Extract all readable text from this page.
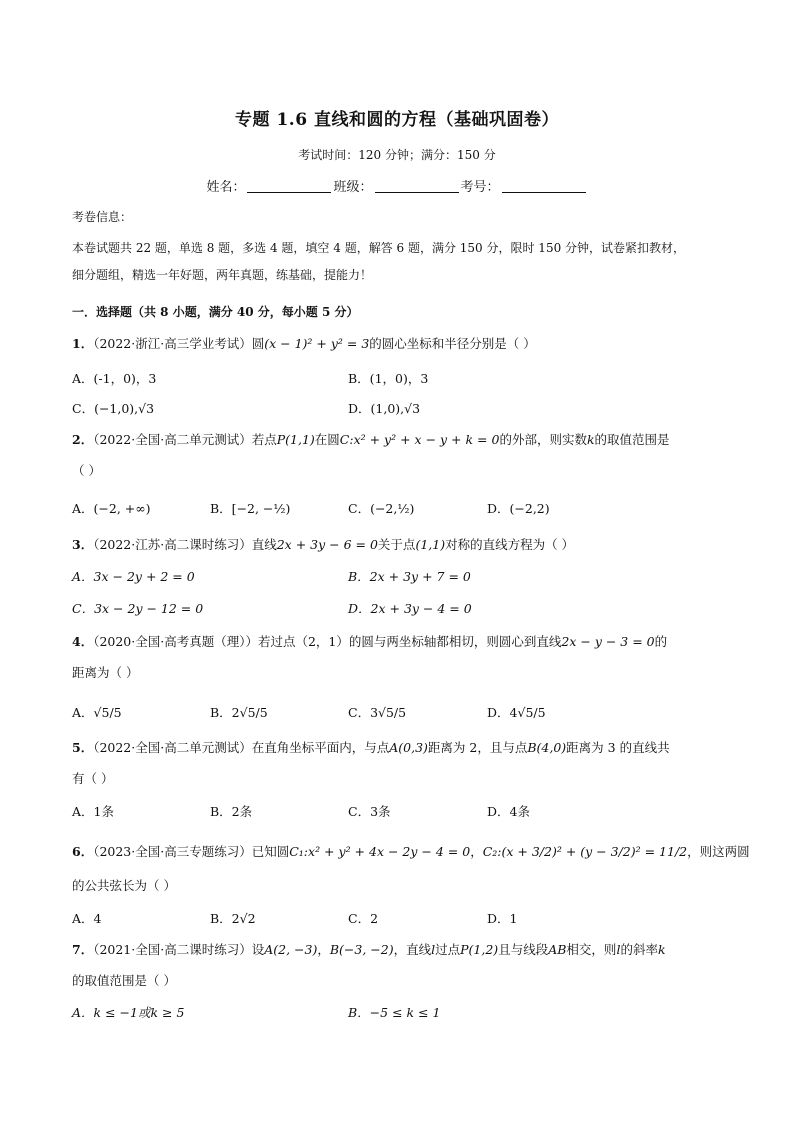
专题 1.6 直线和圆的方程（基础巩固卷）
考试时间：120 分钟；满分：150 分
姓名：	班级：	考号：
考卷信息：
本卷试题共 22 题，单选 8 题，多选 4 题，填空 4 题，解答 6 题，满分 150 分，限时 150 分钟，试卷紧扣教材，
细分题组，精选一年好题，两年真题，练基础，提能力！
一．选择题（共 8 小题，满分 40 分，每小题 5 分）
1．（2022·浙江·高三学业考试）圆(x − 1)² + y² = 3的圆心坐标和半径分别是（ ）
A．(-1，0)，3	B．(1，0)，3
C．(−1,0),√3	D．(1,0),√3
2．（2022·全国·高二单元测试）若点P(1,1)在圆C:x² + y² + x − y + k = 0的外部，则实数k的取值范围是
（ ）
A．(−2, +∞)	B．[−2, −½)	C．(−2,½)	D．(−2,2)
3．（2022·江苏·高二课时练习）直线2x + 3y − 6 = 0关于点(1,1)对称的直线方程为（ ）
A．3x − 2y + 2 = 0	B．2x + 3y + 7 = 0
C．3x − 2y − 12 = 0	D．2x + 3y − 4 = 0
4．（2020·全国·高考真题（理））若过点（2，1）的圆与两坐标轴都相切，则圆心到直线2x − y − 3 = 0的
距离为（ ）
A．√5/5	B．2√5/5	C．3√5/5	D．4√5/5
5．（2022·全国·高二单元测试）在直角坐标平面内，与点A(0,3)距离为 2，且与点B(4,0)距离为 3 的直线共
有（ ）
A．1条	B．2条	C．3条	D．4条
6．（2023·全国·高三专题练习）已知圆C₁:x² + y² + 4x − 2y − 4 = 0，C₂:(x + 3/2)² + (y − 3/2)² = 11/2，则这两圆
的公共弦长为（ ）
A．4	B．2√2	C．2	D．1
7．（2021·全国·高二课时练习）设A(2, −3)，B(−3, −2)，直线l过点P(1,2)且与线段AB相交，则l的斜率k
的取值范围是（ ）
A．k ≤ −1或k ≥ 5	B．−5 ≤ k ≤ 1
